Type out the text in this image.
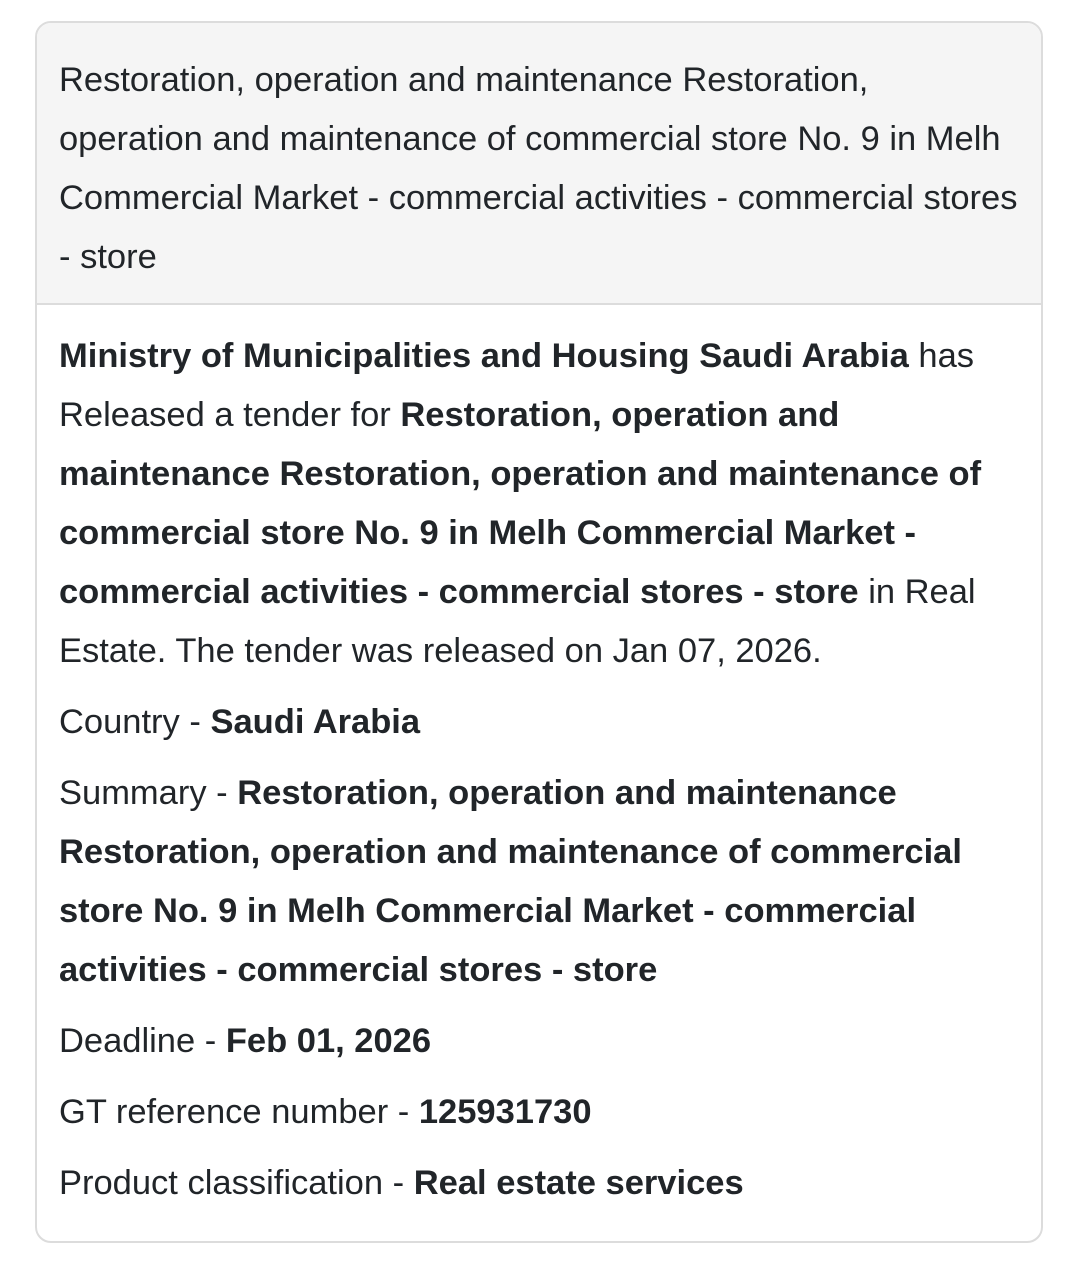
Restoration, operation and maintenance Restoration, operation and maintenance of commercial store No. 9 in Melh Commercial Market - commercial activities - commercial stores - store

Ministry of Municipalities and Housing Saudi Arabia has Released a tender for Restoration, operation and maintenance Restoration, operation and maintenance of commercial store No. 9 in Melh Commercial Market - commercial activities - commercial stores - store in Real Estate. The tender was released on Jan 07, 2026.

Country - Saudi Arabia
Summary - Restoration, operation and maintenance Restoration, operation and maintenance of commercial store No. 9 in Melh Commercial Market - commercial activities - commercial stores - store
Deadline - Feb 01, 2026
GT reference number - 125931730
Product classification - Real estate services
